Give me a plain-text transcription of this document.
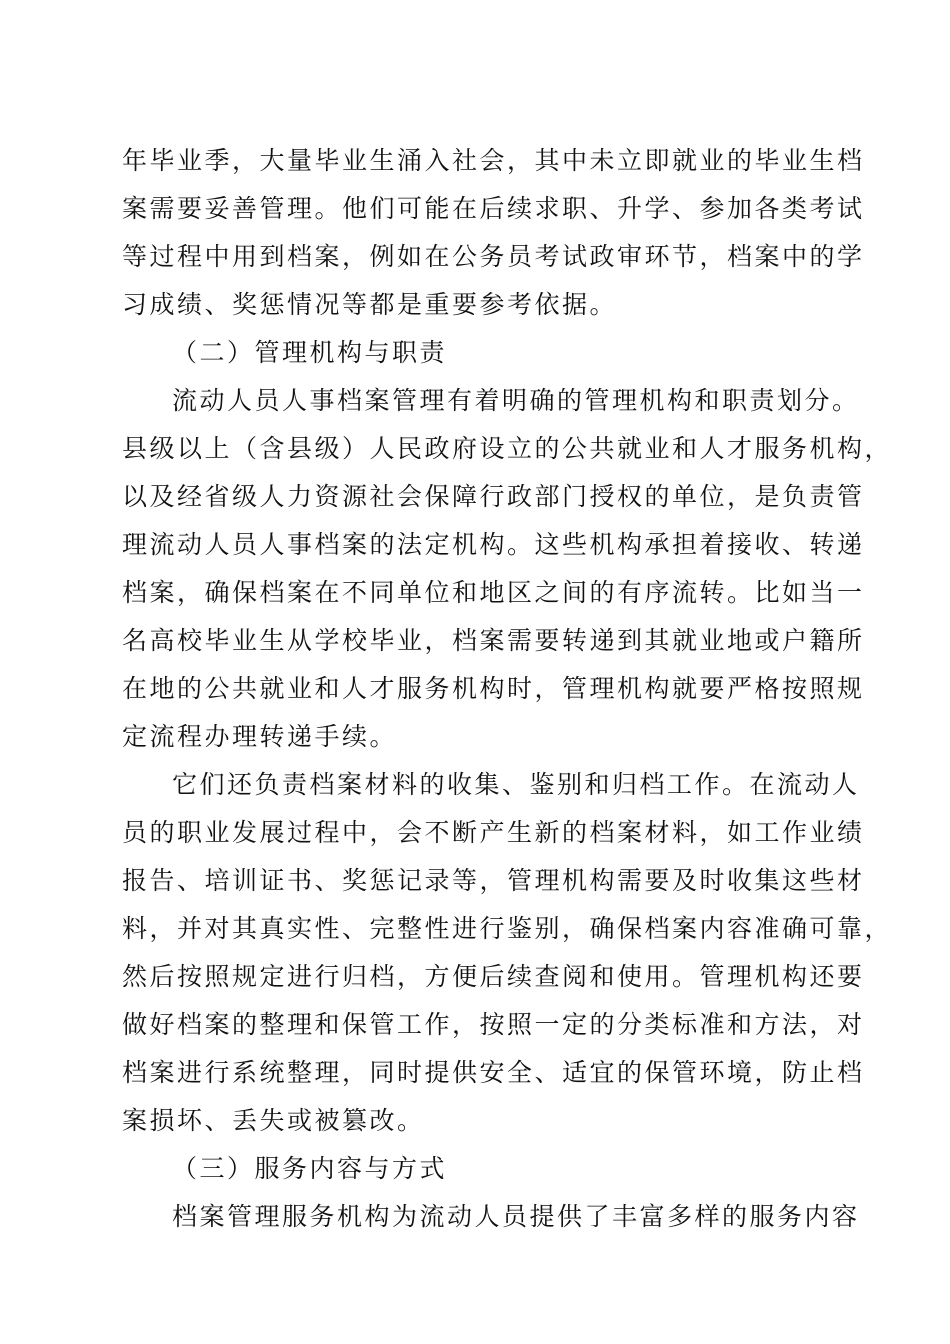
年毕业季，大量毕业生涌入社会，其中未立即就业的毕业生档
案需要妥善管理。他们可能在后续求职、升学、参加各类考试
等过程中用到档案，例如在公务员考试政审环节，档案中的学
习成绩、奖惩情况等都是重要参考依据。
（二）管理机构与职责
流动人员人事档案管理有着明确的管理机构和职责划分。
县级以上（含县级）人民政府设立的公共就业和人才服务机构，
以及经省级人力资源社会保障行政部门授权的单位，是负责管
理流动人员人事档案的法定机构。这些机构承担着接收、转递
档案，确保档案在不同单位和地区之间的有序流转。比如当一
名高校毕业生从学校毕业，档案需要转递到其就业地或户籍所
在地的公共就业和人才服务机构时，管理机构就要严格按照规
定流程办理转递手续。
它们还负责档案材料的收集、鉴别和归档工作。在流动人
员的职业发展过程中，会不断产生新的档案材料，如工作业绩
报告、培训证书、奖惩记录等，管理机构需要及时收集这些材
料，并对其真实性、完整性进行鉴别，确保档案内容准确可靠，
然后按照规定进行归档，方便后续查阅和使用。管理机构还要
做好档案的整理和保管工作，按照一定的分类标准和方法，对
档案进行系统整理，同时提供安全、适宜的保管环境，防止档
案损坏、丢失或被篡改。
（三）服务内容与方式
档案管理服务机构为流动人员提供了丰富多样的服务内容
